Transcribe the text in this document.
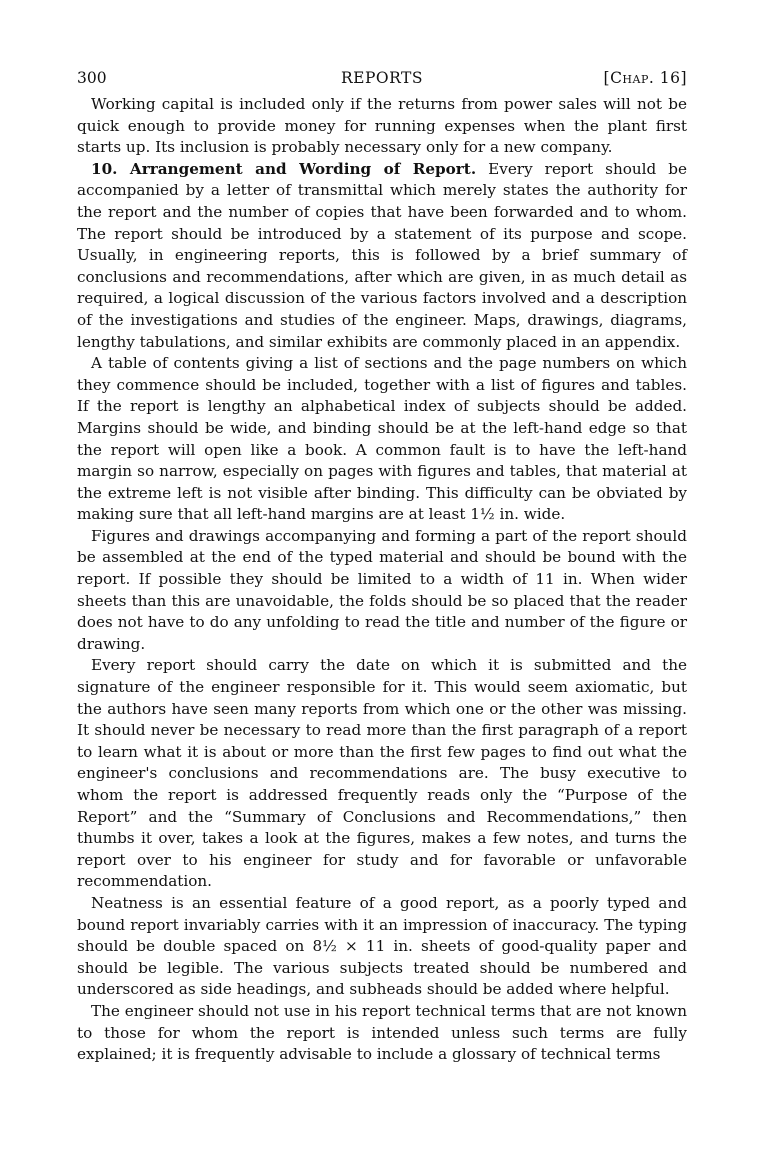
300	REPORTS	[Chap. 16]

Working capital is included only if the returns from power sales will not be quick enough to provide money for running expenses when the plant first starts up. Its inclusion is probably necessary only for a new company.

10. Arrangement and Wording of Report. Every report should be accompanied by a letter of transmittal which merely states the authority for the report and the number of copies that have been forwarded and to whom. The report should be introduced by a statement of its purpose and scope. Usually, in engineering reports, this is followed by a brief summary of conclusions and recommendations, after which are given, in as much detail as required, a logical discussion of the various factors involved and a description of the investigations and studies of the engineer. Maps, drawings, diagrams, lengthy tabulations, and similar exhibits are commonly placed in an appendix.

A table of contents giving a list of sections and the page numbers on which they commence should be included, together with a list of figures and tables. If the report is lengthy an alphabetical index of subjects should be added. Margins should be wide, and binding should be at the left-hand edge so that the report will open like a book. A common fault is to have the left-hand margin so narrow, especially on pages with figures and tables, that material at the extreme left is not visible after binding. This difficulty can be obviated by making sure that all left-hand margins are at least 1½ in. wide.

Figures and drawings accompanying and forming a part of the report should be assembled at the end of the typed material and should be bound with the report. If possible they should be limited to a width of 11 in. When wider sheets than this are unavoidable, the folds should be so placed that the reader does not have to do any unfolding to read the title and number of the figure or drawing.

Every report should carry the date on which it is submitted and the signature of the engineer responsible for it. This would seem axiomatic, but the authors have seen many reports from which one or the other was missing. It should never be necessary to read more than the first paragraph of a report to learn what it is about or more than the first few pages to find out what the engineer's conclusions and recommendations are. The busy executive to whom the report is addressed frequently reads only the “Purpose of the Report” and the “Summary of Conclusions and Recommendations,” then thumbs it over, takes a look at the figures, makes a few notes, and turns the report over to his engineer for study and for favorable or unfavorable recommendation.

Neatness is an essential feature of a good report, as a poorly typed and bound report invariably carries with it an impression of inaccuracy. The typing should be double spaced on 8½ × 11 in. sheets of good-quality paper and should be legible. The various subjects treated should be numbered and underscored as side headings, and subheads should be added where helpful.

The engineer should not use in his report technical terms that are not known to those for whom the report is intended unless such terms are fully explained; it is frequently advisable to include a glossary of technical terms
